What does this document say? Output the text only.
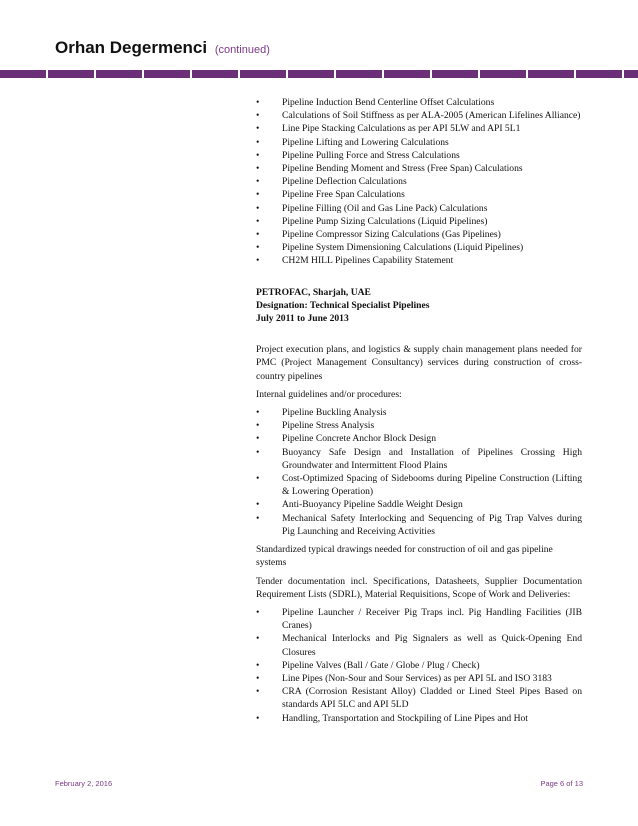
Orhan Degermenci (continued)
• Pipeline Induction Bend Centerline Offset Calculations
• Calculations of Soil Stiffness as per ALA-2005 (American Lifelines Alliance)
• Line Pipe Stacking Calculations as per API 5LW and API 5L1
• Pipeline Lifting and Lowering Calculations
• Pipeline Pulling Force and Stress Calculations
• Pipeline Bending Moment and Stress (Free Span) Calculations
• Pipeline Deflection Calculations
• Pipeline Free Span Calculations
• Pipeline Filling (Oil and Gas Line Pack) Calculations
• Pipeline Pump Sizing Calculations (Liquid Pipelines)
• Pipeline Compressor Sizing Calculations (Gas Pipelines)
• Pipeline System Dimensioning Calculations (Liquid Pipelines)
• CH2M HILL Pipelines Capability Statement
PETROFAC, Sharjah, UAE
Designation: Technical Specialist Pipelines
July 2011 to June 2013

Project execution plans, and logistics & supply chain management plans needed for PMC (Project Management Consultancy) services during construction of cross-country pipelines

Internal guidelines and/or procedures:

• Pipeline Buckling Analysis
• Pipeline Stress Analysis
• Pipeline Concrete Anchor Block Design
• Buoyancy Safe Design and Installation of Pipelines Crossing High Groundwater and Intermittent Flood Plains
• Cost-Optimized Spacing of Sidebooms during Pipeline Construction (Lifting & Lowering Operation)
• Anti-Buoyancy Pipeline Saddle Weight Design
• Mechanical Safety Interlocking and Sequencing of Pig Trap Valves during Pig Launching and Receiving Activities

Standardized typical drawings needed for construction of oil and gas pipeline systems

Tender documentation incl. Specifications, Datasheets, Supplier Documentation Requirement Lists (SDRL), Material Requisitions, Scope of Work and Deliveries:

• Pipeline Launcher / Receiver Pig Traps incl. Pig Handling Facilities (JIB Cranes)
• Mechanical Interlocks and Pig Signalers as well as Quick-Opening End Closures
• Pipeline Valves (Ball / Gate / Globe / Plug / Check)
• Line Pipes (Non-Sour and Sour Services) as per API 5L and ISO 3183
• CRA (Corrosion Resistant Alloy) Cladded or Lined Steel Pipes Based on standards API 5LC and API 5LD
• Handling, Transportation and Stockpiling of Line Pipes and Hot
February 2, 2016	Page 6 of 13
